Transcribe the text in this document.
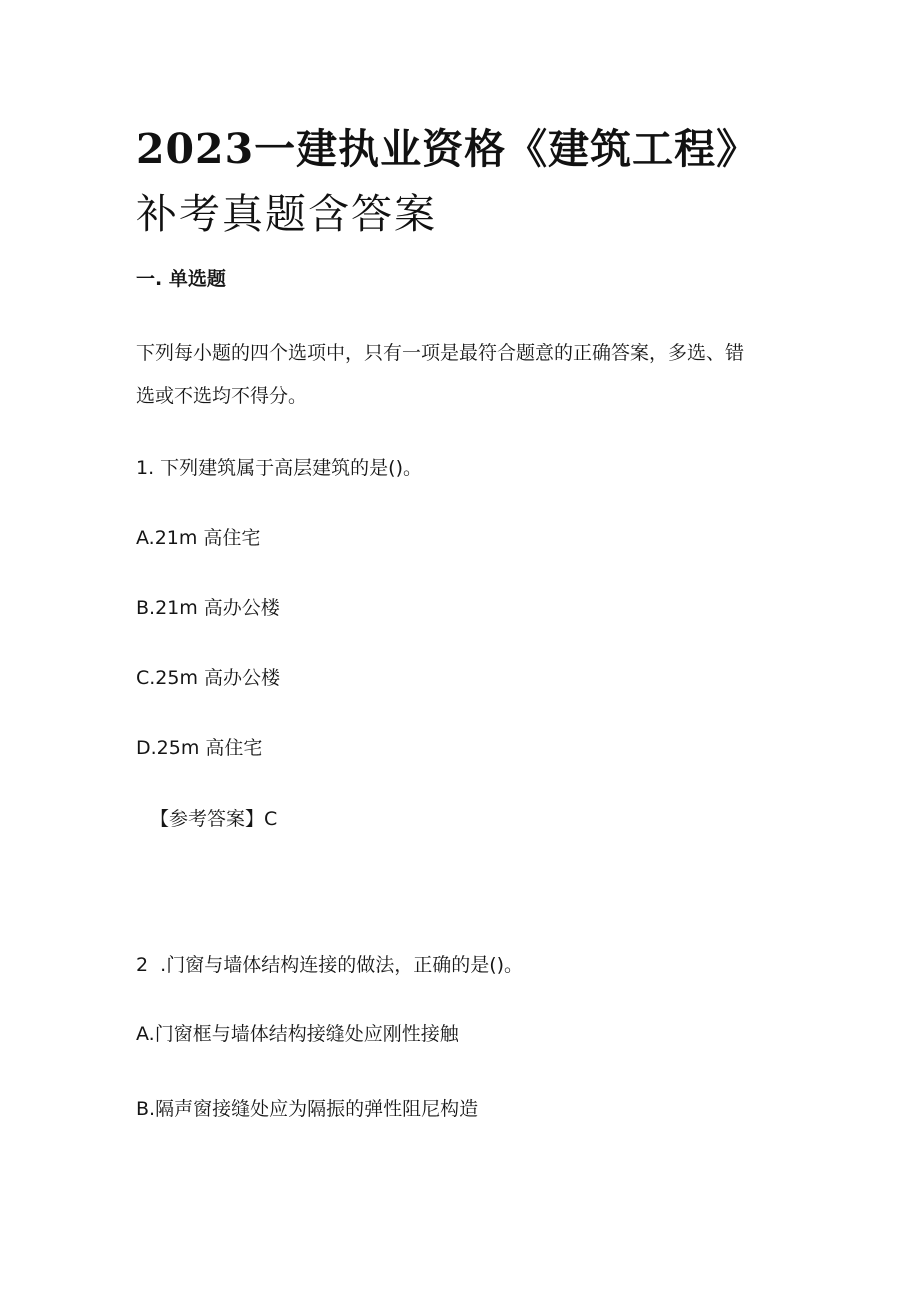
2023一建执业资格《建筑工程》
补考真题含答案
一. 单选题
下列每小题的四个选项中，只有一项是最符合题意的正确答案，多选、错
选或不选均不得分。
1. 下列建筑属于高层建筑的是()。
A.21m 高住宅
B.21m 高办公楼
C.25m 高办公楼
D.25m 高住宅
【参考答案】C
2  .门窗与墙体结构连接的做法，正确的是()。
A.门窗框与墙体结构接缝处应刚性接触
B.隔声窗接缝处应为隔振的弹性阻尼构造
